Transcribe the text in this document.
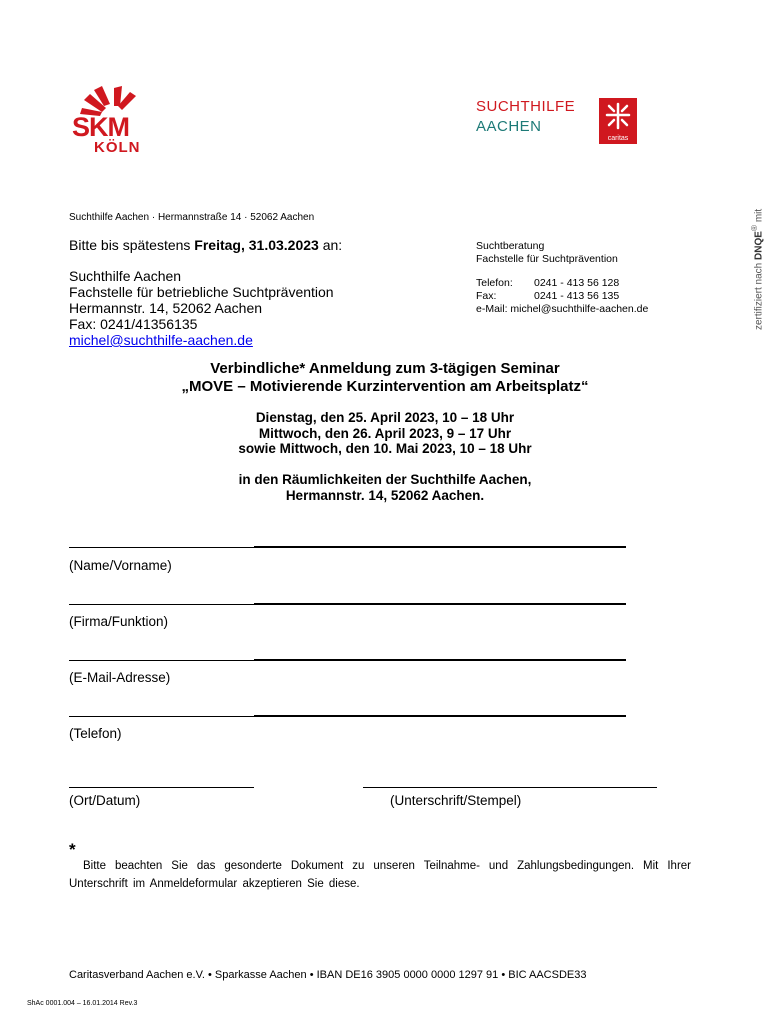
SKM
KÖLN
SUCHTHILFE
AACHEN
caritas
Suchthilfe Aachen · Hermannstraße 14 · 52062 Aachen
Bitte bis spätestens Freitag, 31.03.2023 an:
Suchthilfe Aachen
Fachstelle für betriebliche Suchtprävention
Hermannstr. 14, 52062 Aachen
Fax: 0241/41356135
michel@suchthilfe-aachen.de
Suchtberatung
Fachstelle für Suchtprävention
Telefon: 0241 - 413 56 128
Fax:	0241 - 413 56 135
e-Mail: michel@suchthilfe-aachen.de	zertifiziert nach DNQE® mit
Verbindliche* Anmeldung zum 3-tägigen Seminar
„MOVE – Motivierende Kurzintervention am Arbeitsplatz“
Dienstag, den 25. April 2023, 10 – 18 Uhr
Mittwoch, den 26. April 2023, 9 – 17 Uhr
sowie Mittwoch, den 10. Mai 2023, 10 – 18 Uhr
in den Räumlichkeiten der Suchthilfe Aachen,
Hermannstr. 14, 52062 Aachen.
(Name/Vorname)
(Firma/Funktion)
(E-Mail-Adresse)
(Telefon)
(Ort/Datum)	(Unterschrift/Stempel)
*
Bitte beachten Sie das gesonderte Dokument zu unseren Teilnahme- und Zahlungsbedingungen. Mit Ihrer Unterschrift im Anmeldeformular akzeptieren Sie diese.
Caritasverband Aachen e.V. • Sparkasse Aachen • IBAN DE16 3905 0000 0000 1297 91 • BIC AACSDE33
ShAc 0001.004 – 16.01.2014 Rev.3
